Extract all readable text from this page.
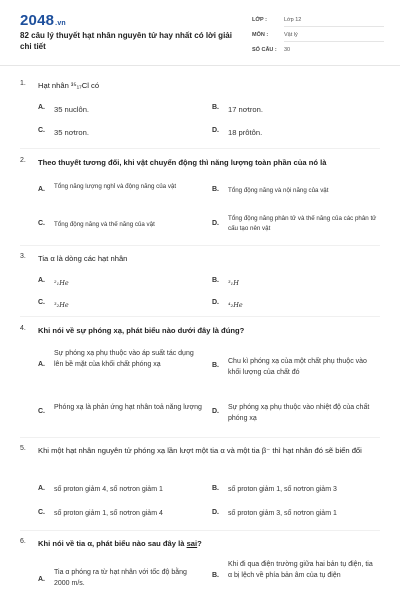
2048.vn
82 câu lý thuyết hạt nhân nguyên tử hay nhất có lời giải chi tiết
LỚP :	Lớp 12
MÔN :	Vật lý
SỐ CÂU : 30
1. Hạt nhân ³⁵₁₇Cl có
A. 35 nuclôn.	B. 17 nơtron.
C. 35 nơtron.	D. 18 prôtôn.
2. Theo thuyết tương đối, khi vật chuyển động thì năng lượng toàn phần của nó là
A. Tổng năng lượng nghỉ và động năng của vật	B. Tổng động năng và nội năng của vật
C. Tổng động năng và thế năng của vật	D.
Tổng động năng phân tử và thế năng của các phân tử cấu tạo nên vật
3. Tia α là dòng các hạt nhân
A. ²₁He	B. ³₁H
C. ³₂He	D. ⁴₂He
4. Khi nói về sự phóng xạ, phát biểu nào dưới đây là đúng?
A.
Sự phóng xạ phụ thuộc vào áp suất tác dụng lên bề mặt của khối chất phóng xạ	B.
Chu kì phóng xạ của một chất phụ thuộc vào khối lượng của chất đó
C.
Phóng xạ là phản ứng hạt nhân toả năng lượng
D.
Sự phóng xạ phụ thuộc vào nhiệt độ của chất phóng xạ
5. Khi một hạt nhân nguyên tử phóng xạ lần lượt một tia α và một tia β⁻ thì hạt nhân đó sẽ biến đổi
A. số proton giảm 4, số nơtron giảm 1	B. số proton giảm 1, số nơtron giảm 3
C. số proton giảm 1, số nơtron giảm 4	D. số proton giảm 3, số nơtron giảm 1
6. Khi nói về tia α, phát biểu nào sau đây là sai?
A.
Tia α phóng ra từ hạt nhân với tốc độ bằng 2000 m/s.
B.
Khi đi qua điện trường giữa hai bản tụ điện, tia α bị lệch về phía bản âm của tụ điện
